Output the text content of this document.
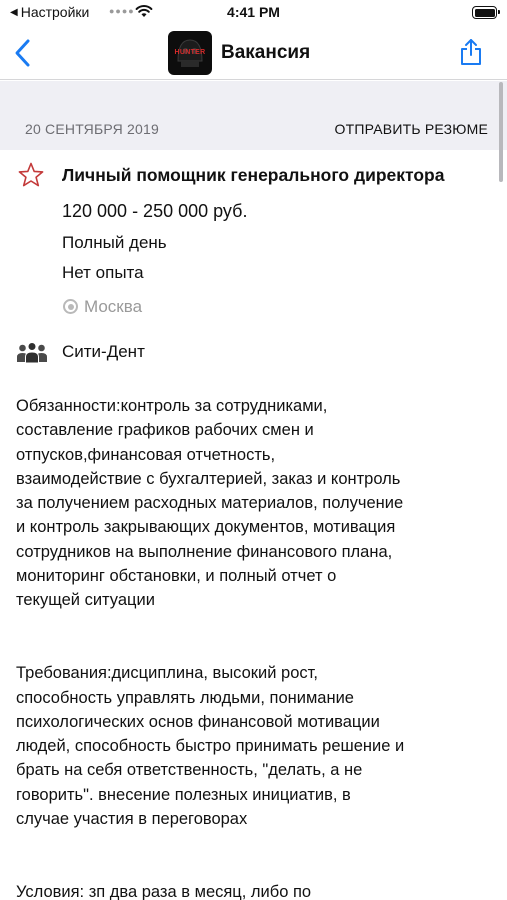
◀ Настройки ●●●●	4:41 PM
HUNTER Вакансия
20 СЕНТЯБРЯ 2019	ОТПРАВИТЬ РЕЗЮМЕ
Личный помощник генерального директора
120 000 - 250 000 руб.
Полный день
Нет опыта
Москва
Сити-Дент
Обязанности:контроль за сотрудниками,
составление графиков рабочих смен и
отпусков,финансовая отчетность,
взаимодействие с бухгалтерией, заказ и контроль
за получением расходных материалов, получение
и контроль закрывающих документов, мотивация
сотрудников на выполнение финансового плана,
мониторинг обстановки, и полный отчет о
текущей ситуации

Требования:дисциплина, высокий рост,
способность управлять людьми, понимание
психологических основ финансовой мотивации
людей, способность быстро принимать решение и
брать на себя ответственность, "делать, а не
говорить". внесение полезных инициатив, в
случае участия в переговорах

Условия: зп два раза в месяц, либо по
